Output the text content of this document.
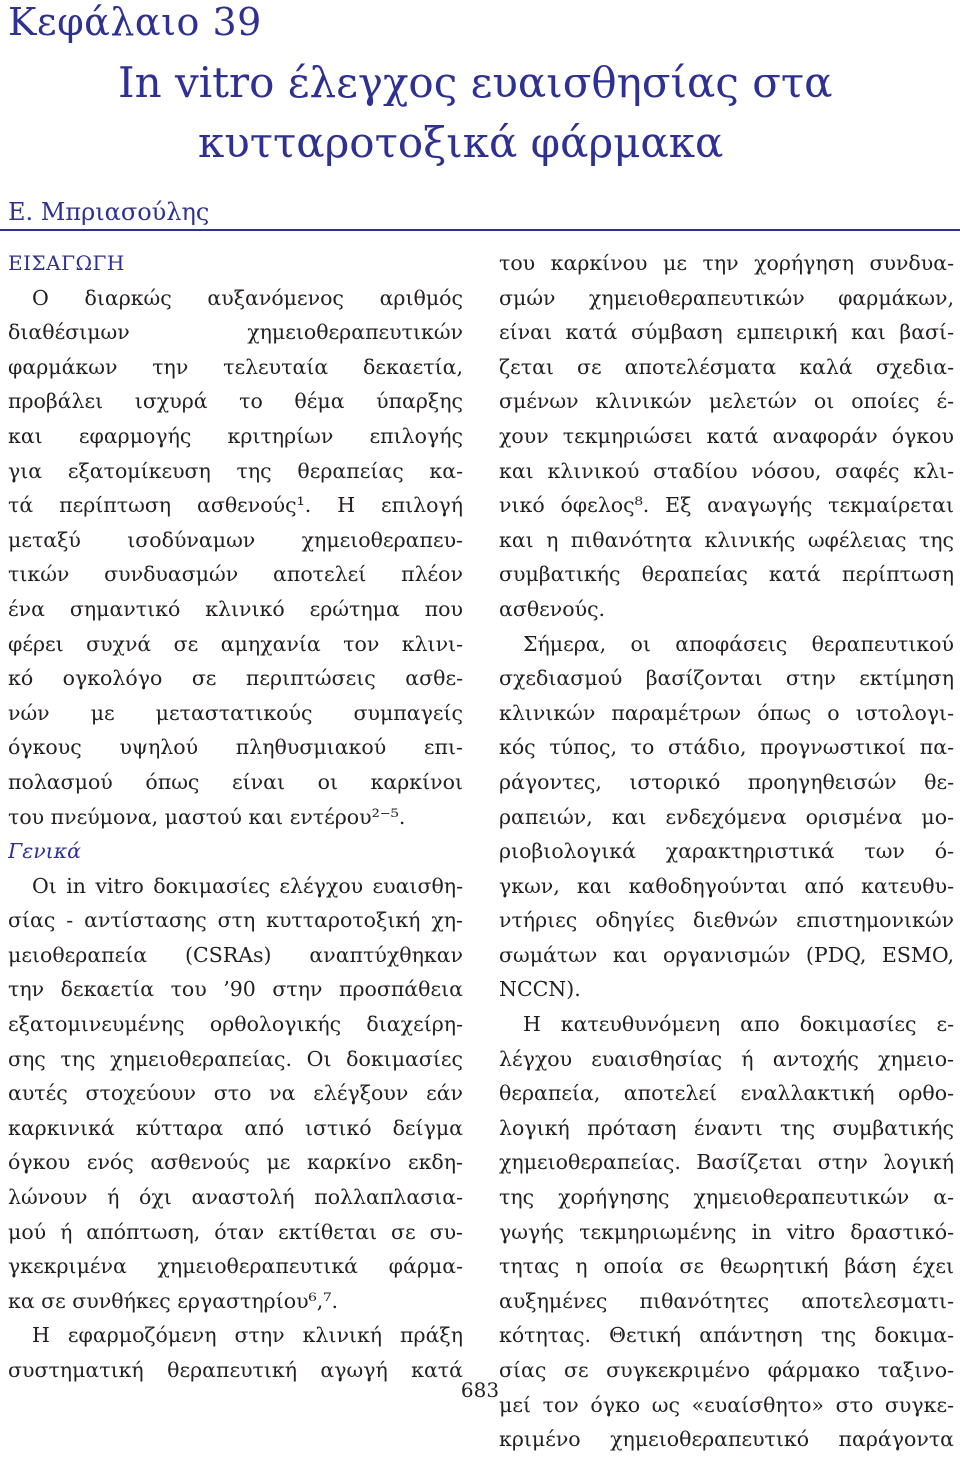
Κεφάλαιο 39
In vitro έλεγχος ευαισθησίας στα
κυτταροτοξικά φάρμακα
Ε. Μπριασούλης
ΕΙΣΑΓΩΓΗ
Ο διαρκώς αυξανόμενος αριθμός
διαθέσιμων χημειοθεραπευτικών
φαρμάκων την τελευταία δεκαετία,
προβάλει ισχυρά το θέμα ύπαρξης
και εφαρμογής κριτηρίων επιλογής
για εξατομίκευση της θεραπείας κα-
τά περίπτωση ασθενούς¹. Η επιλογή
μεταξύ ισοδύναμων χημειοθεραπευ-
τικών συνδυασμών αποτελεί πλέον
ένα σημαντικό κλινικό ερώτημα που
φέρει συχνά σε αμηχανία τον κλινι-
κό ογκολόγο σε περιπτώσεις ασθε-
νών με μεταστατικούς συμπαγείς
όγκους υψηλού πληθυσμιακού επι-
πολασμού όπως είναι οι καρκίνοι
του πνεύμονα, μαστού και εντέρου²⁻⁵.
Γενικά
Οι in vitro δοκιμασίες ελέγχου ευαισθη-
σίας - αντίστασης στη κυτταροτοξική χη-
μειοθεραπεία (CSRAs) αναπτύχθηκαν
την δεκαετία του ’90 στην προσπάθεια
εξατομινευμένης ορθολογικής διαχείρη-
σης της χημειοθεραπείας. Οι δοκιμασίες
αυτές στοχεύουν στο να ελέγξουν εάν
καρκινικά κύτταρα από ιστικό δείγμα
όγκου ενός ασθενούς με καρκίνο εκδη-
λώνουν ή όχι αναστολή πολλαπλασια-
μού ή απόπτωση, όταν εκτίθεται σε συ-
γκεκριμένα χημειοθεραπευτικά φάρμα-
κα σε συνθήκες εργαστηρίου⁶,⁷.
Η εφαρμοζόμενη στην κλινική πράξη
συστηματική θεραπευτική αγωγή κατά
του καρκίνου με την χορήγηση συνδυα-
σμών χημειοθεραπευτικών φαρμάκων,
είναι κατά σύμβαση εμπειρική και βασί-
ζεται σε αποτελέσματα καλά σχεδια-
σμένων κλινικών μελετών οι οποίες έ-
χουν τεκμηριώσει κατά αναφοράν όγκου
και κλινικού σταδίου νόσου, σαφές κλι-
νικό όφελος⁸. Εξ αναγωγής τεκμαίρεται
και η πιθανότητα κλινικής ωφέλειας της
συμβατικής θεραπείας κατά περίπτωση
ασθενούς.
Σήμερα, οι αποφάσεις θεραπευτικού
σχεδιασμού βασίζονται στην εκτίμηση
κλινικών παραμέτρων όπως ο ιστολογι-
κός τύπος, το στάδιο, προγνωστικοί πα-
ράγοντες, ιστορικό προηγηθεισών θε-
ραπειών, και ενδεχόμενα ορισμένα μο-
ριοβιολογικά χαρακτηριστικά των ό-
γκων, και καθοδηγούνται από κατευθυ-
ντήριες οδηγίες διεθνών επιστημονικών
σωμάτων και οργανισμών (PDQ, ESMO,
NCCN).
Η κατευθυνόμενη απο δοκιμασίες ε-
λέγχου ευαισθησίας ή αντοχής χημειο-
θεραπεία, αποτελεί εναλλακτική ορθο-
λογική πρόταση έναντι της συμβατικής
χημειοθεραπείας. Βασίζεται στην λογική
της χορήγησης χημειοθεραπευτικών α-
γωγής τεκμηριωμένης in vitro δραστικό-
τητας η οποία σε θεωρητική βάση έχει
αυξημένες πιθανότητες αποτελεσματι-
κότητας. Θετική απάντηση της δοκιμα-
σίας σε συγκεκριμένο φάρμακο ταξινο-
μεί τον όγκο ως «ευαίσθητο» στο συγκε-
κριμένο χημειοθεραπευτικό παράγοντα
683
